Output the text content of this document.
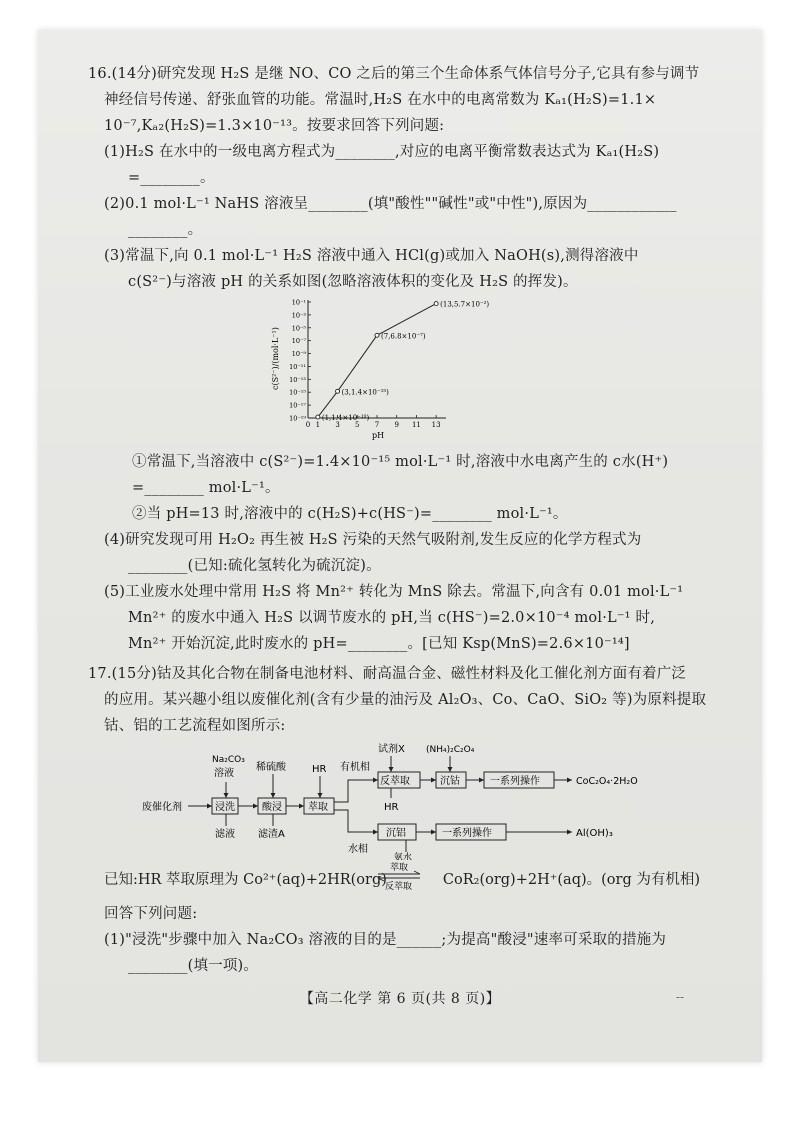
16.(14分)研究发现 H₂S 是继 NO、CO 之后的第三个生命体系气体信号分子,它具有参与调节
神经信号传递、舒张血管的功能。常温时,H₂S 在水中的电离常数为 Kₐ₁(H₂S)=1.1×
10⁻⁷,Kₐ₂(H₂S)=1.3×10⁻¹³。按要求回答下列问题:
(1)H₂S 在水中的一级电离方程式为________,对应的电离平衡常数表达式为 Kₐ₁(H₂S)
=________。
(2)0.1 mol·L⁻¹ NaHS 溶液呈________(填"酸性""碱性"或"中性"),原因为____________
________。
(3)常温下,向 0.1 mol·L⁻¹ H₂S 溶液中通入 HCl(g)或加入 NaOH(s),测得溶液中
c(S²⁻)与溶液 pH 的关系如图(忽略溶液体积的变化及 H₂S 的挥发)。
c(S²⁻)/(mol·L⁻¹)
10⁻¹
10⁻³
10⁻⁵
10⁻⁷
10⁻⁹
10⁻¹¹
10⁻¹³
10⁻¹⁵
10⁻¹⁷
10⁻¹⁹
0 1 3 5 7 9 11 13
(1,1.4×10⁻¹⁹)
(3,1.4×10⁻¹⁵)
(7,6.8×10⁻⁷)
(13,5.7×10⁻²)
pH
①常温下,当溶液中 c(S²⁻)=1.4×10⁻¹⁵ mol·L⁻¹ 时,溶液中水电离产生的 c水(H⁺)
=________ mol·L⁻¹。
②当 pH=13 时,溶液中的 c(H₂S)+c(HS⁻)=________ mol·L⁻¹。
(4)研究发现可用 H₂O₂ 再生被 H₂S 污染的天然气吸附剂,发生反应的化学方程式为
________(已知:硫化氢转化为硫沉淀)。
(5)工业废水处理中常用 H₂S 将 Mn²⁺ 转化为 MnS 除去。常温下,向含有 0.01 mol·L⁻¹
Mn²⁺ 的废水中通入 H₂S 以调节废水的 pH,当 c(HS⁻)=2.0×10⁻⁴ mol·L⁻¹ 时,
Mn²⁺ 开始沉淀,此时废水的 pH=________。[已知 Ksp(MnS)=2.6×10⁻¹⁴]
17.(15分)钴及其化合物在制备电池材料、耐高温合金、磁性材料及化工催化剂方面有着广泛
的应用。某兴趣小组以废催化剂(含有少量的油污及 Al₂O₃、Co、CaO、SiO₂ 等)为原料提取
钴、铝的工艺流程如图所示:
废催化剂
Na₂CO₃
溶液
浸洗
滤液
稀硫酸
酸浸
滤渣A
HR
萃取
有机相
水相
试剂X
反萃取
HR
(NH₄)₂C₂O₄
沉钴	一系列操作	CoC₂O₄·2H₂O
沉铝
氨水
一系列操作	Al(OH)₃
已知:HR 萃取原理为 Co²⁺(aq)+2HR(org)	CoR₂(org)+2H⁺(aq)。(org 为有机相)
萃取
反萃取
回答下列问题:
(1)"浸洗"步骤中加入 Na₂CO₃ 溶液的目的是______;为提高"酸浸"速率可采取的措施为
________(填一项)。
【高二化学 第 6 页(共 8 页)】	--
